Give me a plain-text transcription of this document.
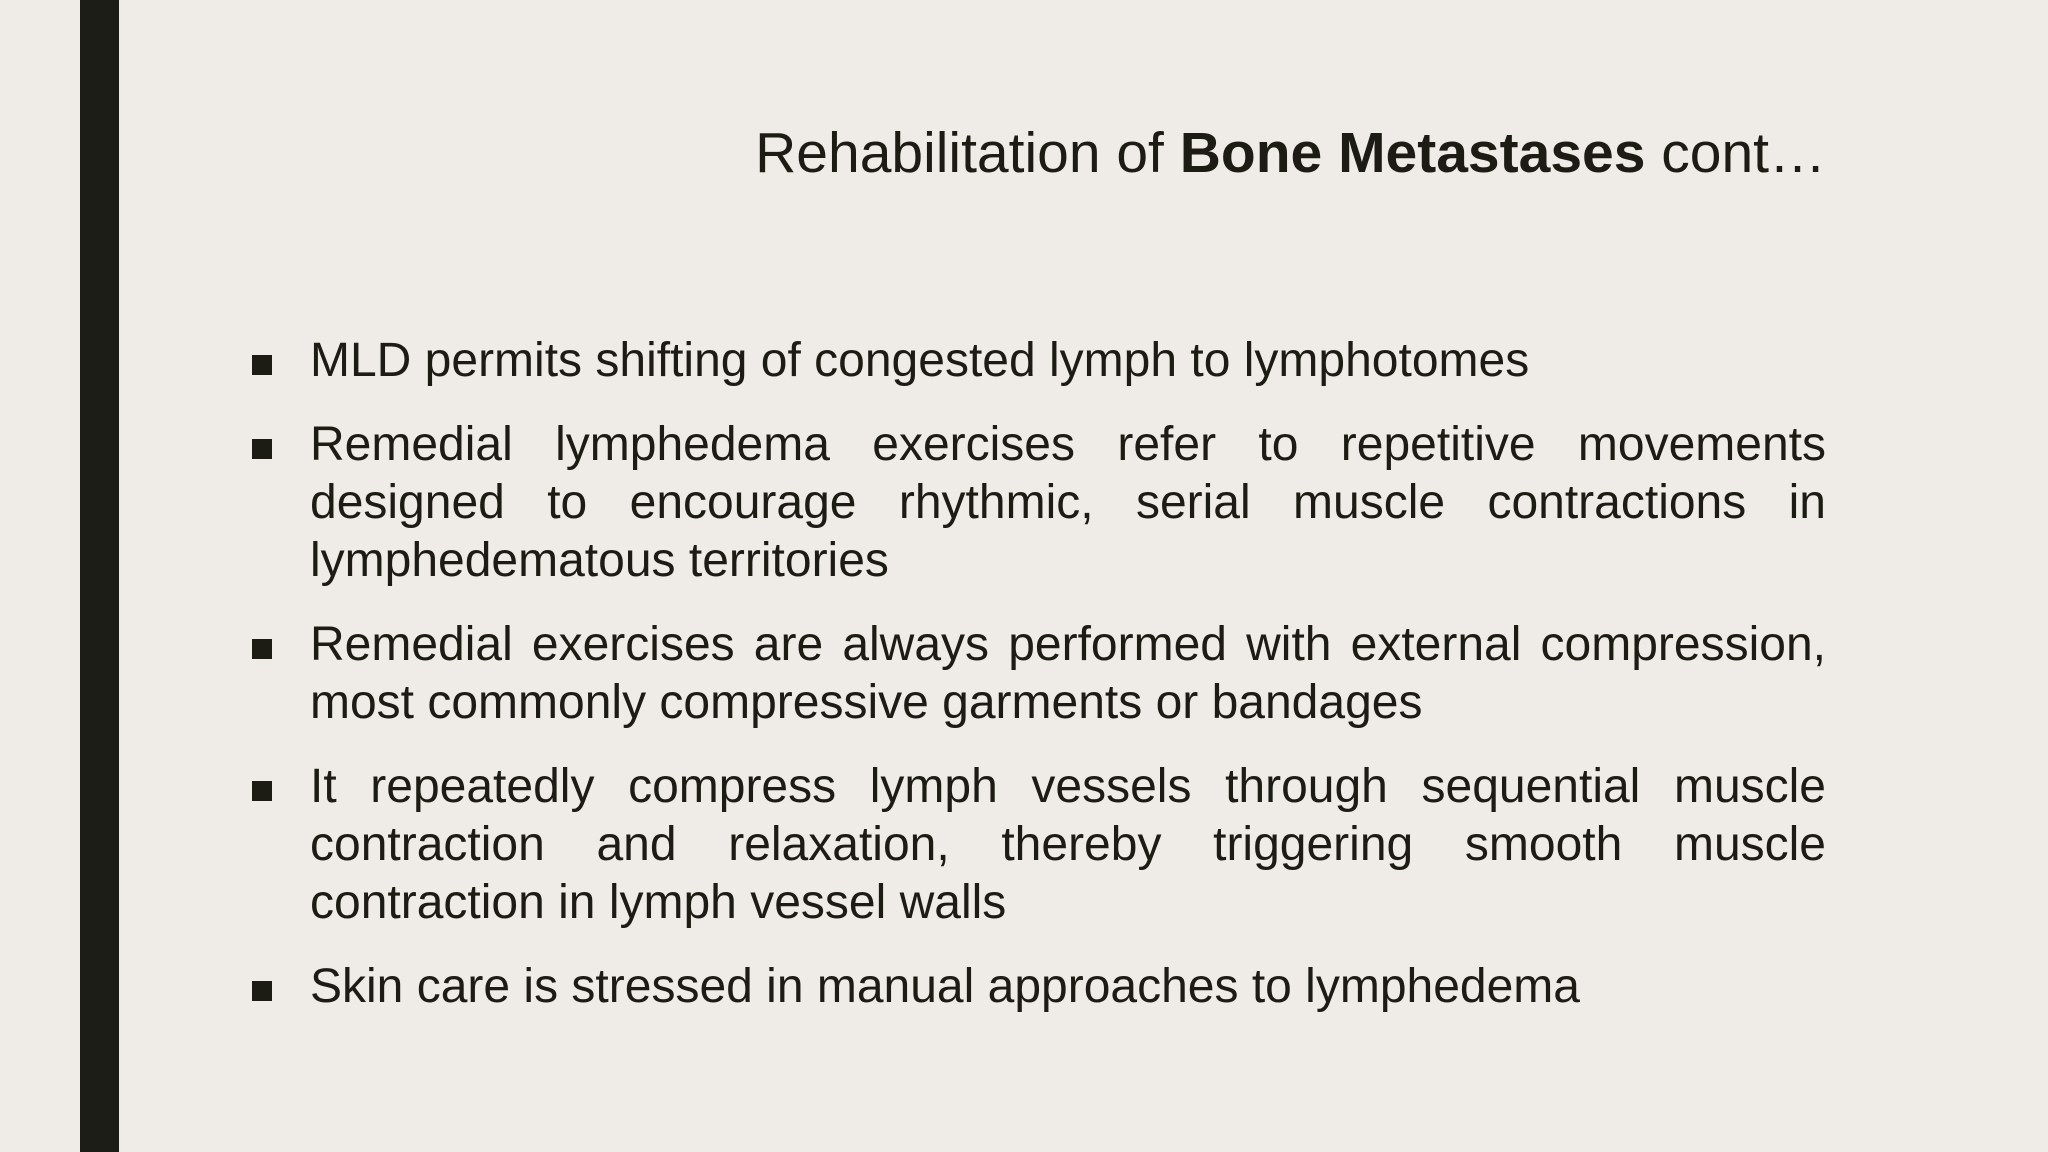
Rehabilitation of Bone Metastases cont…
MLD permits shifting of congested lymph to lymphotomes
Remedial lymphedema exercises refer to repetitive movements designed to encourage rhythmic, serial muscle contractions in lymphedematous territories
Remedial exercises are always performed with external compression, most commonly compressive garments or bandages
It repeatedly compress lymph vessels through sequential muscle contraction and relaxation, thereby triggering smooth muscle contraction in lymph vessel walls
Skin care is stressed in manual approaches to lymphedema
